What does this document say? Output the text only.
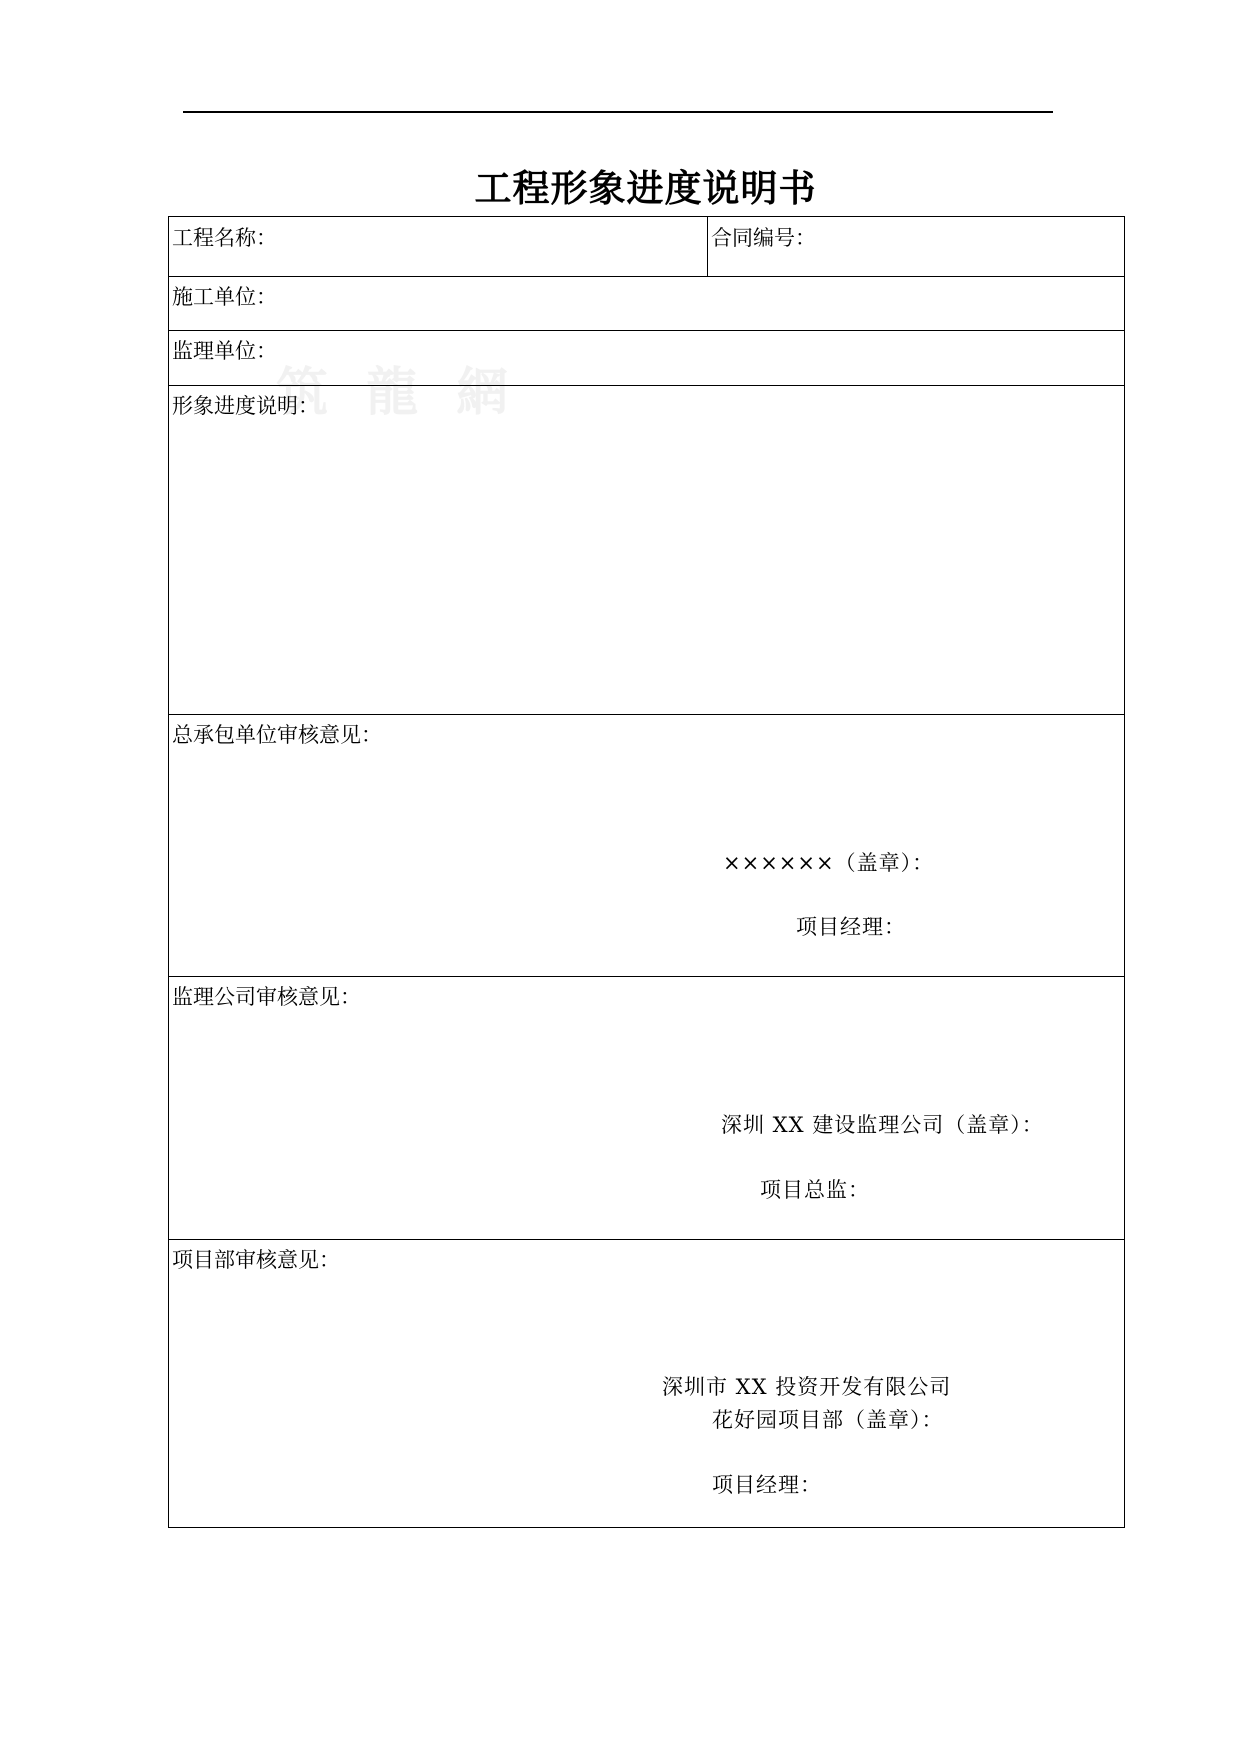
工程形象进度说明书
工程名称：	合同编号：
施工单位：
监理单位：
形象进度说明：
总承包单位审核意见：
××××××（盖章）：
项目经理：
监理公司审核意见：
深圳 XX 建设监理公司（盖章）：
项目总监：
项目部审核意见：
深圳市 XX 投资开发有限公司
花好园项目部（盖章）：
项目经理：
筑 龍 網
